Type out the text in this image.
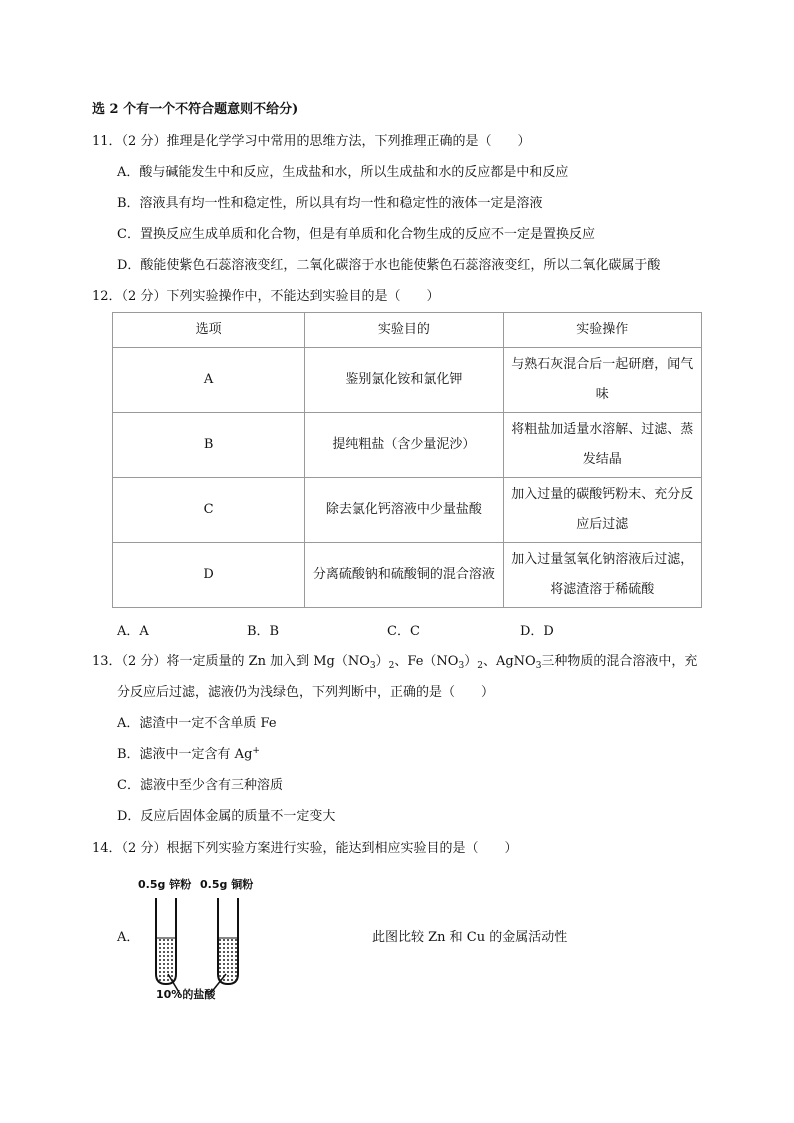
选 2 个有一个不符合题意则不给分)
11．（2 分）推理是化学学习中常用的思维方法，下列推理正确的是（　　）
A．酸与碱能发生中和反应，生成盐和水，所以生成盐和水的反应都是中和反应
B．溶液具有均一性和稳定性，所以具有均一性和稳定性的液体一定是溶液
C．置换反应生成单质和化合物，但是有单质和化合物生成的反应不一定是置换反应
D．酸能使紫色石蕊溶液变红，二氧化碳溶于水也能使紫色石蕊溶液变红，所以二氧化碳属于酸
12．（2 分）下列实验操作中，不能达到实验目的是（　　）
选项	实验目的	实验操作
A	鉴别氯化铵和氯化钾	与熟石灰混合后一起研磨，闻气味
B	提纯粗盐（含少量泥沙）	将粗盐加适量水溶解、过滤、蒸发结晶
C	除去氯化钙溶液中少量盐酸	加入过量的碳酸钙粉末、充分反应后过滤
D	分离硫酸钠和硫酸铜的混合溶液	加入过量氢氧化钠溶液后过滤，将滤渣溶于稀硫酸
A．A	B．B	C．C	D．D
13．（2 分）将一定质量的 Zn 加入到 $Mg(NO_3)_2$、$Fe(NO_3)_2$、AgNO$_3$三种物质的混合溶液中，充
分反应后过滤，滤液仍为浅绿色，下列判断中，正确的是（　　）
A．滤渣中一定不含单质 Fe
B．滤液中一定含有 Ag+
C．滤液中至少含有三种溶质
D．反应后固体金属的质量不一定变大
14．（2 分）根据下列实验方案进行实验，能达到相应实验目的是（　　）
A．
0.5g 锌粉 0.5g 铜粉
10%的盐酸
此图比较 Zn 和 Cu 的金属活动性
